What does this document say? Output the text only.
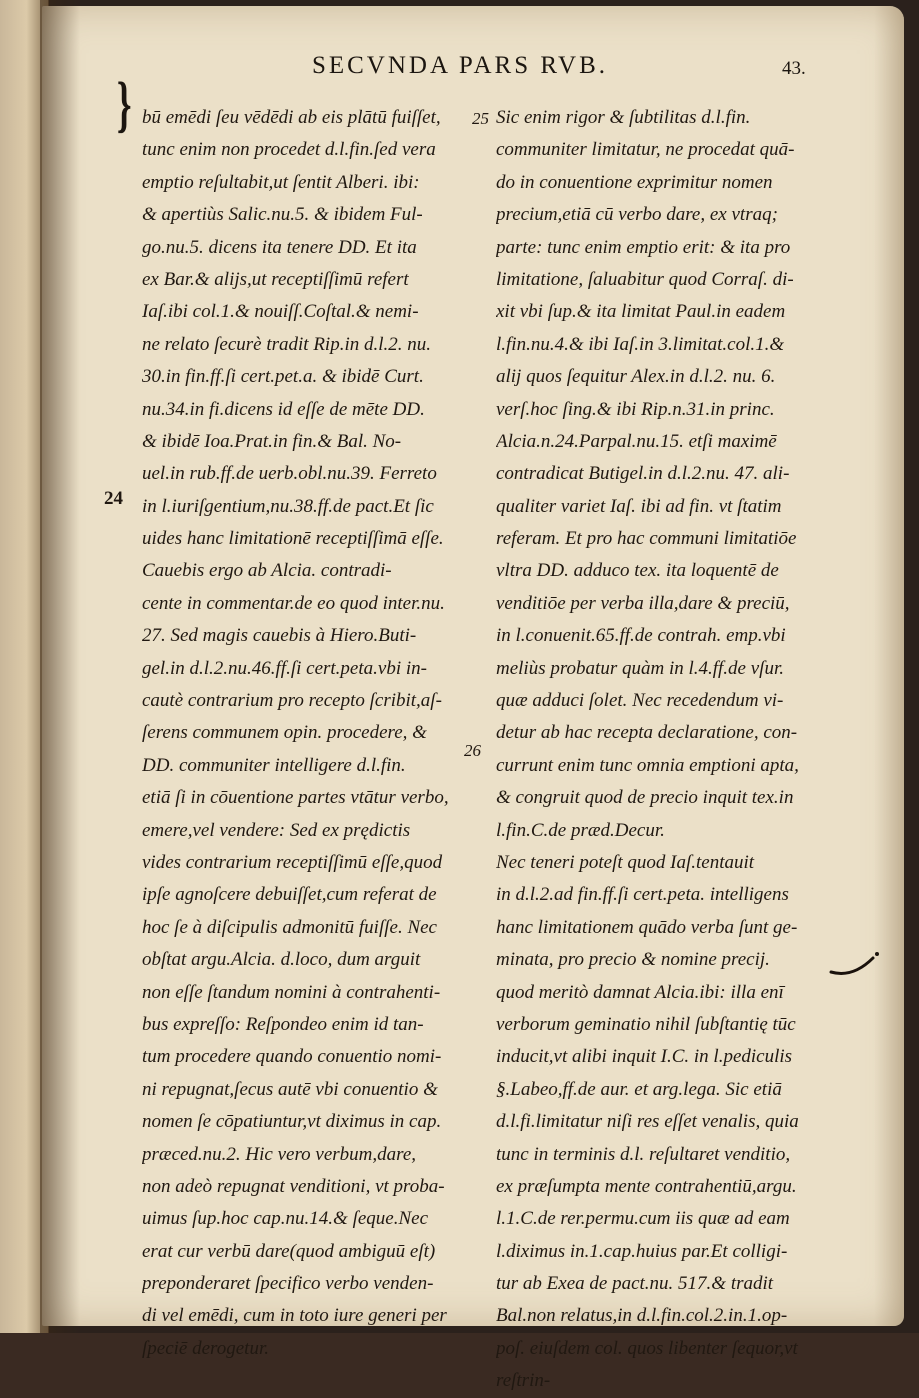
SECVNDA PARS RVB.	43.
}	25
24
26
bū emēdi ſeu vēdēdi ab eis plātū fuiſſet,
tunc enim non procedet d.l.fin.ſed vera
emptio reſultabit,ut ſentit Alberi. ibi:
& apertiùs Salic.nu.5. & ibidem Ful-
go.nu.5. dicens ita tenere DD. Et ita
ex Bar.& alijs,ut receptiſſimū refert
Iaſ.ibi col.1.& nouiſſ.Coſtal.& nemi-
ne relato ſecurè tradit Rip.in d.l.2. nu.
30.in fin.ff.ſi cert.pet.a. & ibidē Curt.
nu.34.in fi.dicens id eſſe de mēte DD.
& ibidē Ioa.Prat.in fin.& Bal. No-
uel.in rub.ff.de uerb.obl.nu.39. Ferreto
in l.iuriſgentium,nu.38.ff.de pact.Et ſic
uides hanc limitationē receptiſſimā eſſe.
Cauebis ergo ab Alcia. contradi-
cente in commentar.de eo quod inter.nu.
27. Sed magis cauebis à Hiero.Buti-
gel.in d.l.2.nu.46.ff.ſi cert.peta.vbi in-
cautè contrarium pro recepto ſcribit,aſ-
ſerens communem opin. procedere, &
DD. communiter intelligere d.l.fin.
etiā ſi in cōuentione partes vtātur verbo,
emere,vel vendere: Sed ex prędictis
vides contrarium receptiſſimū eſſe,quod
ipſe agnoſcere debuiſſet,cum referat de
hoc ſe à diſcipulis admonitū fuiſſe. Nec
obſtat argu.Alcia. d.loco, dum arguit
non eſſe ſtandum nomini à contrahenti-
bus expreſſo: Reſpondeo enim id tan-
tum procedere quando conuentio nomi-
ni repugnat,ſecus autē vbi conuentio &
nomen ſe cōpatiuntur,vt diximus in cap.
præced.nu.2. Hic vero verbum,dare,
non adeò repugnat venditioni, vt proba-
uimus ſup.hoc cap.nu.14.& ſeque.Nec
erat cur verbū dare(quod ambiguū eſt)
preponderaret ſpecifico verbo venden-
di vel emēdi, cum in toto iure generi per
ſpeciē derogetur.
Sic enim rigor & ſubtilitas d.l.fin.
communiter limitatur, ne procedat quā-
do in conuentione exprimitur nomen
precium,etiā cū verbo dare, ex vtraq;
parte: tunc enim emptio erit: & ita pro
limitatione, ſaluabitur quod Corraſ. di-
xit vbi ſup.& ita limitat Paul.in eadem
l.fin.nu.4.& ibi Iaſ.in 3.limitat.col.1.&
alij quos ſequitur Alex.in d.l.2. nu. 6.
verſ.hoc ſing.& ibi Rip.n.31.in princ.
Alcia.n.24.Parpal.nu.15. etſi maximē
contradicat Butigel.in d.l.2.nu. 47. ali-
qualiter variet Iaſ. ibi ad fin. vt ſtatim
referam. Et pro hac communi limitatiōe
vltra DD. adduco tex. ita loquentē de
venditiōe per verba illa,dare & preciū,
in l.conuenit.65.ff.de contrah. emp.vbi
meliùs probatur quàm in l.4.ff.de vſur.
quæ adduci ſolet. Nec recedendum vi-
detur ab hac recepta declaratione, con-
currunt enim tunc omnia emptioni apta,
& congruit quod de precio inquit tex.in
l.fin.C.de præd.Decur.
Nec teneri poteſt quod Iaſ.tentauit
in d.l.2.ad fin.ff.ſi cert.peta. intelligens
hanc limitationem quādo verba ſunt ge-
minata, pro precio & nomine precij.
quod meritò damnat Alcia.ibi: illa enī
verborum geminatio nihil ſubſtantię tūc
inducit,vt alibi inquit I.C. in l.pediculis
§.Labeo,ff.de aur. et arg.lega. Sic etiā
d.l.fi.limitatur niſi res eſſet venalis, quia
tunc in terminis d.l. reſultaret venditio,
ex præſumpta mente contrahentiū,argu.
l.1.C.de rer.permu.cum iis quæ ad eam
l.diximus in.1.cap.huius par.Et colligi-
tur ab Exea de pact.nu. 517.& tradit
Bal.non relatus,in d.l.fin.col.2.in.1.op-
poſ. eiuſdem col. quos libenter ſequor,vt
reſtrin-
